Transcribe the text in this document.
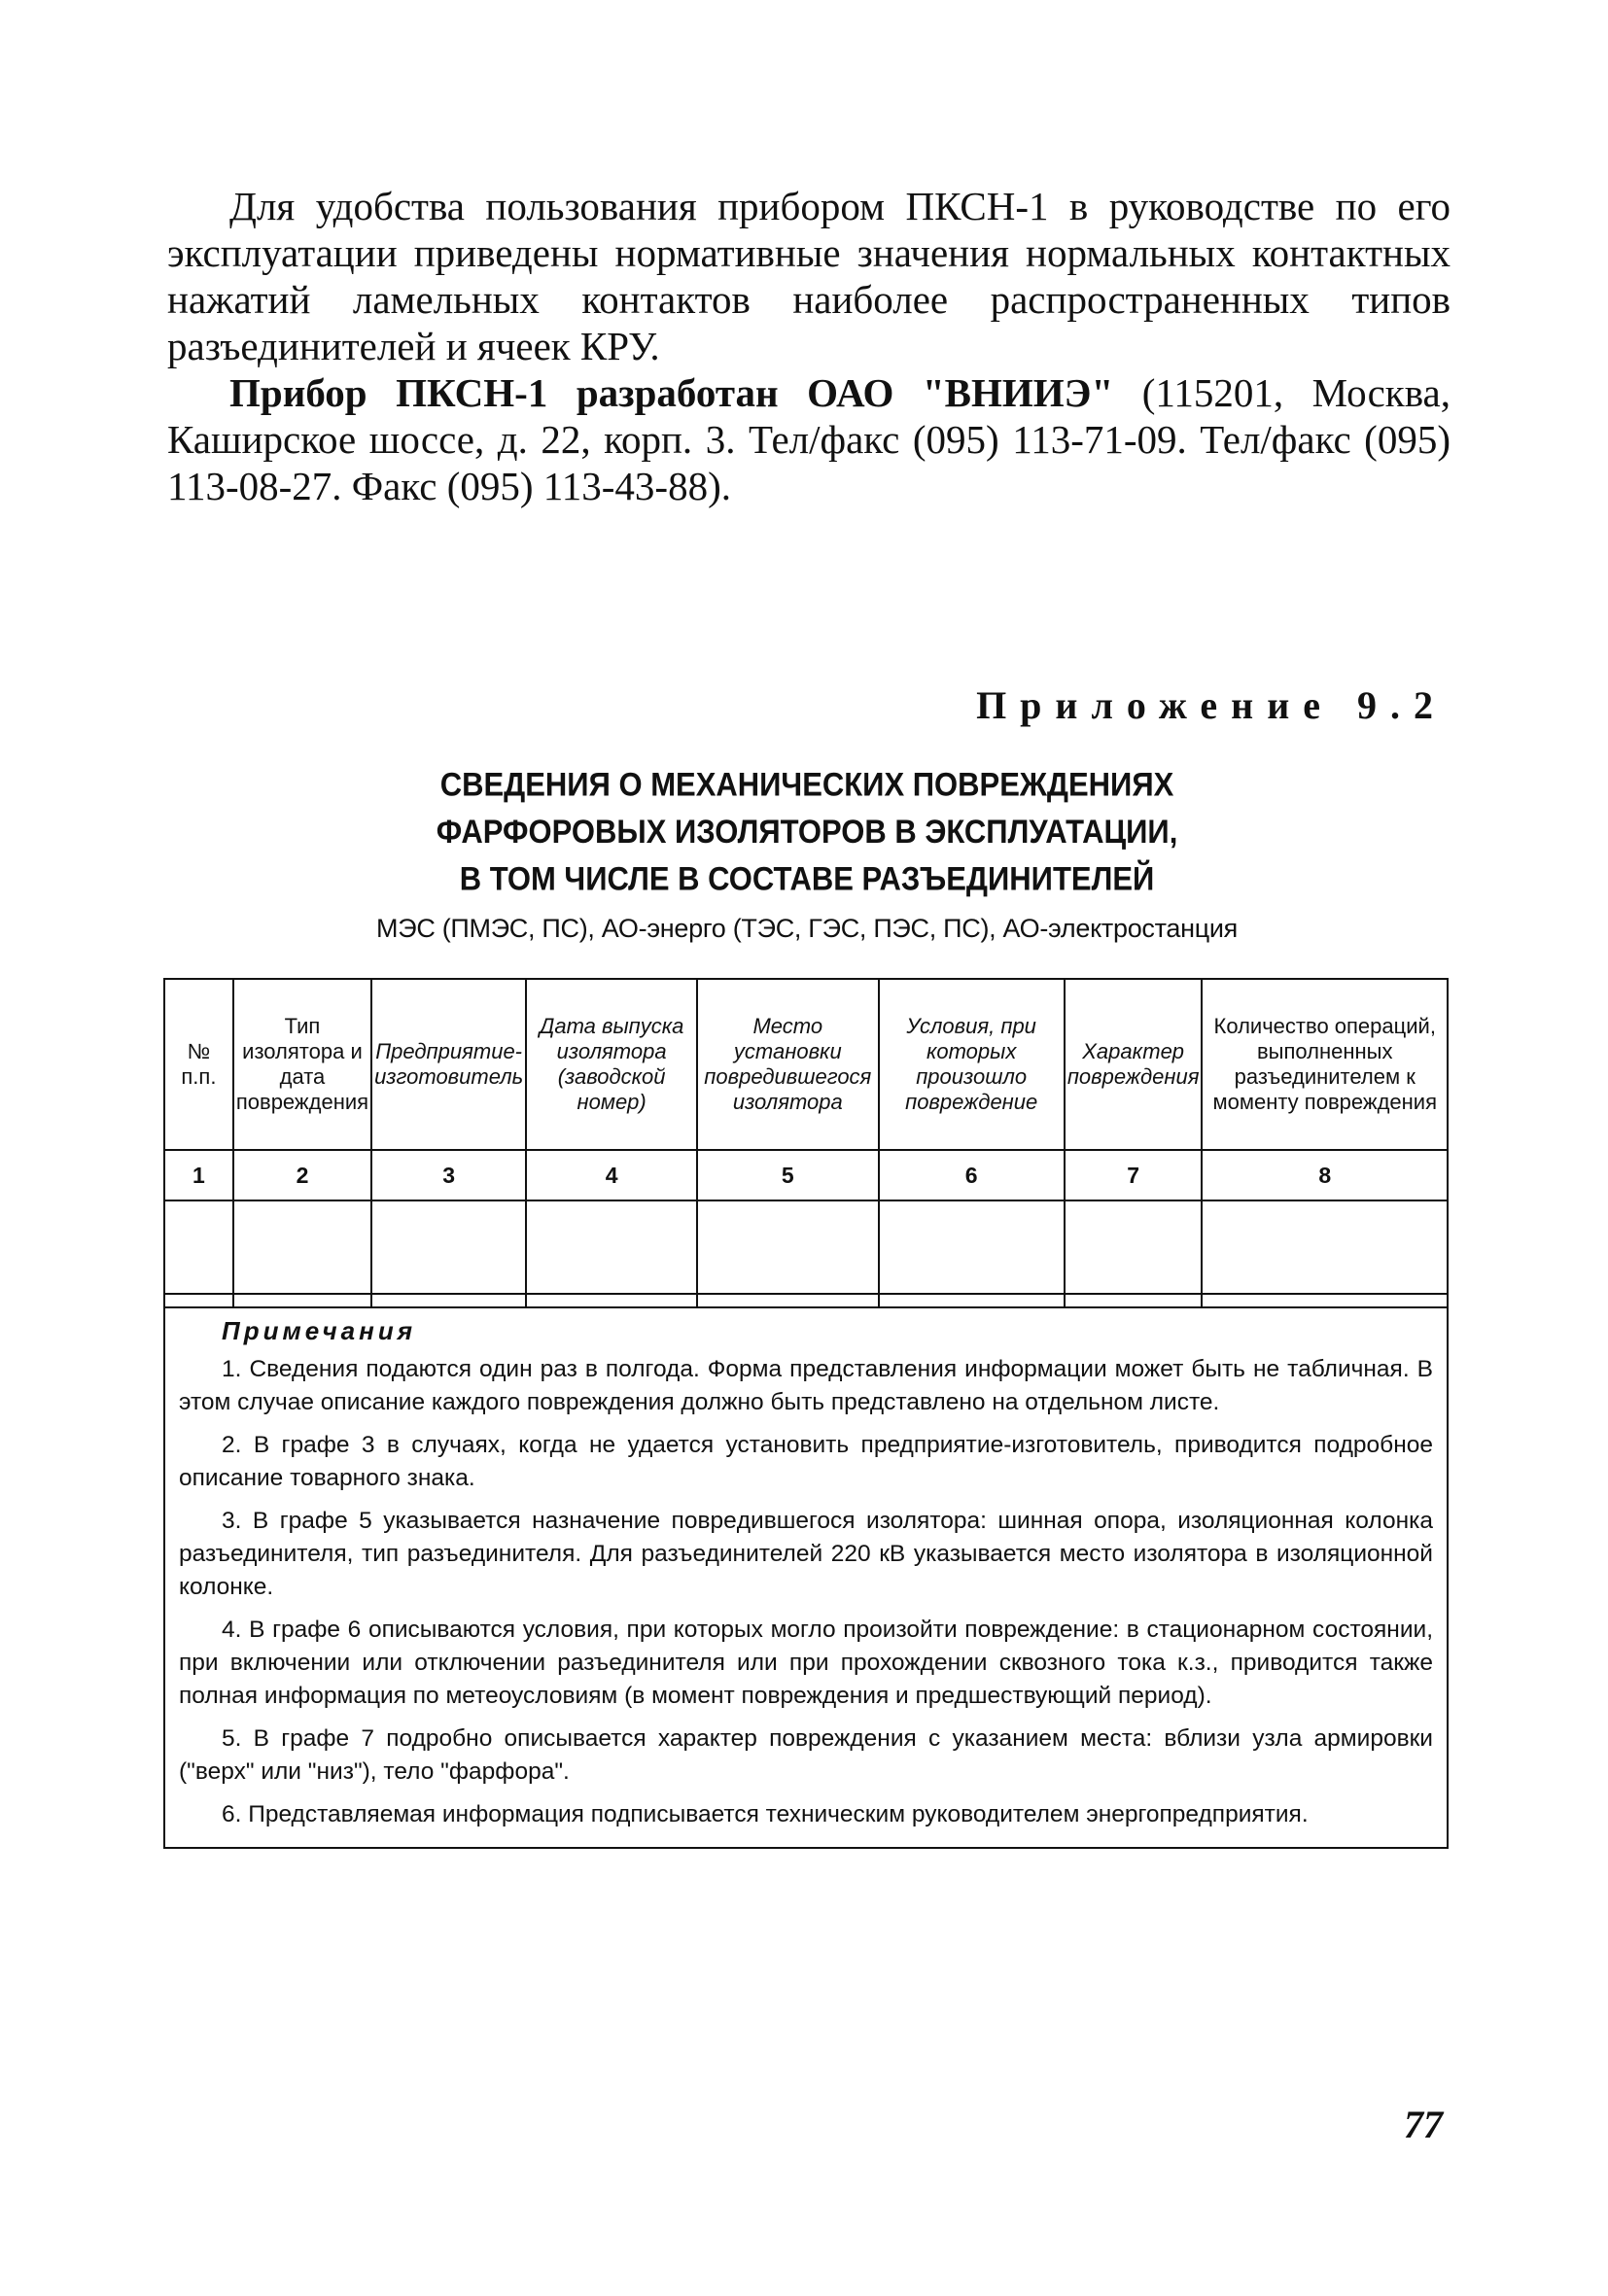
Для удобства пользования прибором ПКСН-1 в руководстве по его эксплуатации приведены нормативные значения нормальных контактных нажатий ламельных контактов наиболее распространенных типов разъединителей и ячеек КРУ.

Прибор ПКСН-1 разработан ОАО "ВНИИЭ" (115201, Москва, Каширское шоссе, д. 22, корп. 3. Тел/факс (095) 113-71-09. Тел/факс (095) 113-08-27. Факс (095) 113-43-88).

Приложение 9.2
СВЕДЕНИЯ О МЕХАНИЧЕСКИХ ПОВРЕЖДЕНИЯХ
ФАРФОРОВЫХ ИЗОЛЯТОРОВ В ЭКСПЛУАТАЦИИ,
В ТОМ ЧИСЛЕ В СОСТАВЕ РАЗЪЕДИНИТЕЛЕЙ
МЭС (ПМЭС, ПС), АО-энерго (ТЭС, ГЭС, ПЭС, ПС), АО-электростанция
№ п.п.	Тип изолятора и дата повреждения	Предприятие-изготовитель	Дата выпуска изолятора (заводской номер)	Место установки повредившегося изолятора	Условия, при которых произошло повреждение	Характер повреждения	Количество операций, выполненных разъединителем к моменту повреждения
1	2	3	4	5	6	7	8

Примечания

1. Сведения подаются один раз в полгода. Форма представления информации может быть не табличная. В этом случае описание каждого повреждения должно быть представлено на отдельном листе.

2. В графе 3 в случаях, когда не удается установить предприятие-изготовитель, приводится подробное описание товарного знака.

3. В графе 5 указывается назначение поврeдившегося изолятора: шинная опора, изоляционная колонка разъединителя, тип разъединителя. Для разъединителей 220 кВ указывается место изолятора в изоляционной колонке.

4. В графе 6 описываются условия, при которых могло произойти повреждение: в стационарном состоянии, при включении или отключении разъединителя или при прохождении сквозного тока к.з., приводится также полная информация по метеоусловиям (в момент повреждения и предшествующий период).

5. В графе 7 подробно описывается характер повреждения с указанием места: вблизи узла армировки ("верх" или "низ"), тело "фарфора".

6. Представляемая информация подписывается техническим руководителем энергопредприятия.

77
